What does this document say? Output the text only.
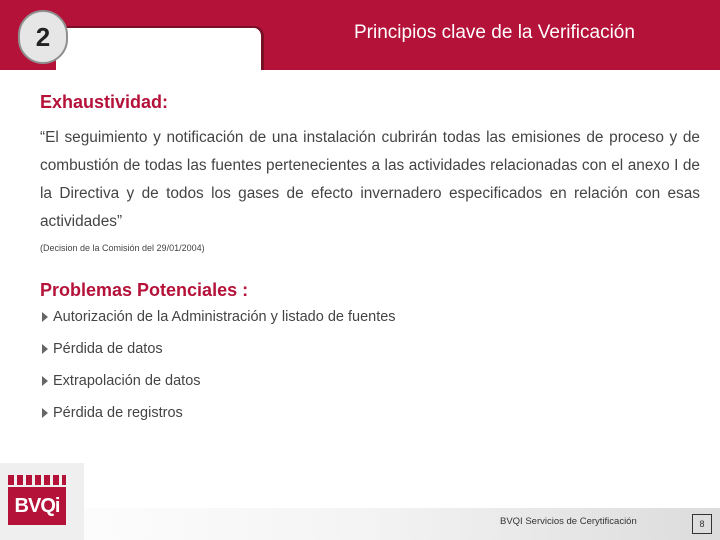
2	Principios clave de la Verificación
Exhaustividad:

“El seguimiento y notificación de una instalación cubrirán todas las emisiones de proceso y de combustión de todas las fuentes pertenecientes a las actividades relacionadas con el anexo I de la Directiva y de todos los gases de efecto invernadero especificados en relación con esas actividades”

(Decision de la Comisión del 29/01/2004)
Problemas Potenciales :
Autorización de la Administración y listado de fuentes
Pérdida de datos
Extrapolación de datos
Pérdida de registros
BVQi
BVQI Servicios de Cerytificación	8
